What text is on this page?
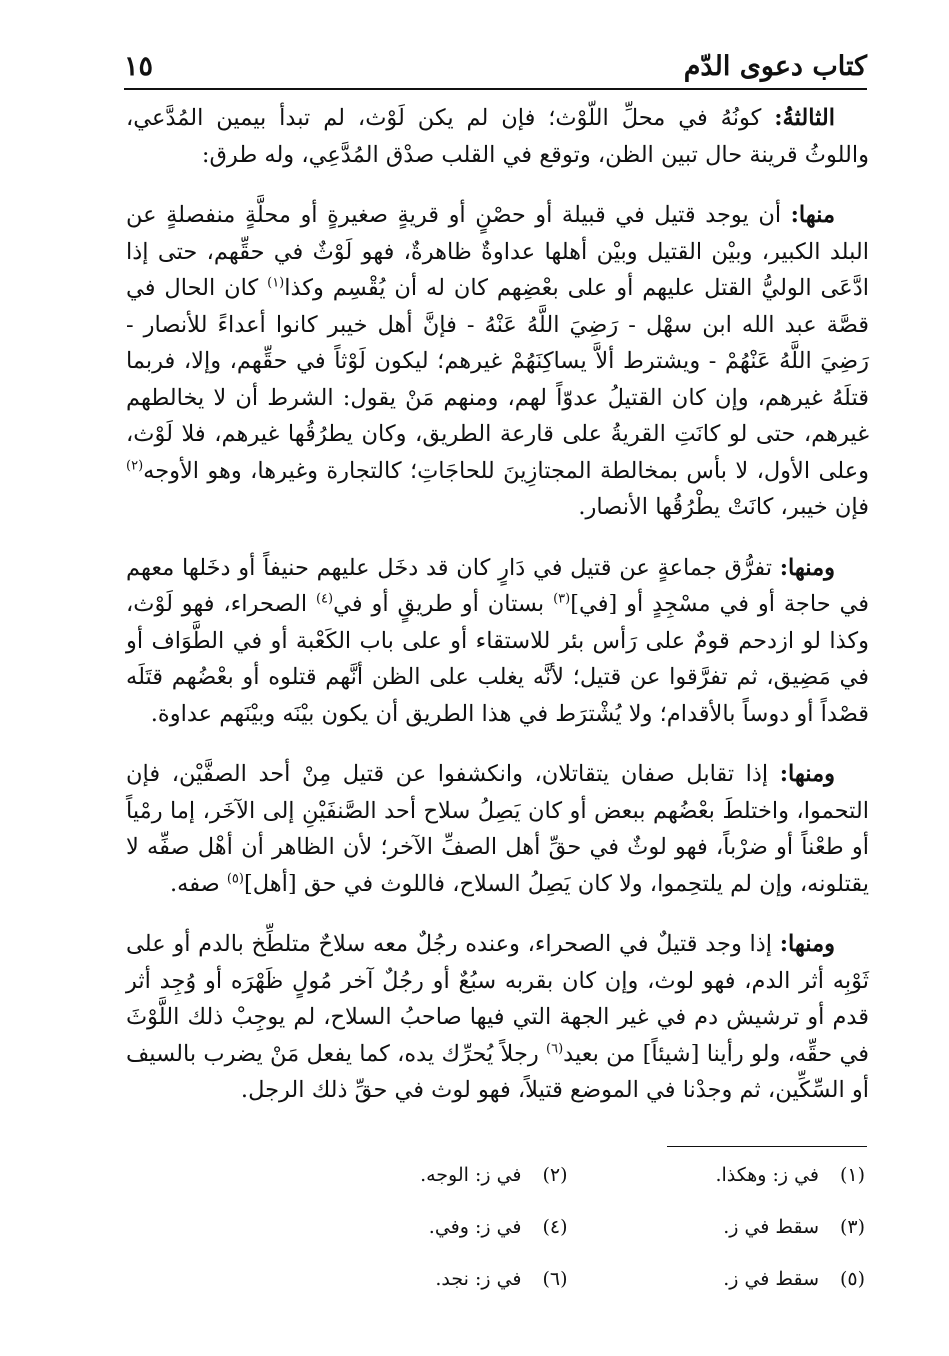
كتاب دعوى الدّم
١٥

الثالثةُ: كونُهُ في محلِّ اللّوْث؛ فإن لم يكن لَوْث، لم تبدأ بيمين المُدَّعي، واللوثُ قرينة حال تبين الظن، وتوقع في القلب صدْق المُدَّعِي، وله طرق:

منها: أن يوجد قتيل في قبيلة أو حصْنٍ أو قريةٍ صغيرةٍ أو محلَّةٍ منفصلةٍ عن البلد الكبير، وبيْن القتيل وبيْن أهلها عداوةٌ ظاهرةٌ، فهو لَوْثٌ في حقِّهم، حتى إذا ادَّعَى الوليُّ القتل عليهم أو على بعْضِهم كان له أن يُقْسِم وكذا$^{(١)}$ كان الحال في قصَّة عبد الله ابن سهْل - رَضِيَ اللَّهُ عَنْهُ - فإنَّ أهل خيبر كانوا أعداءً للأنصار - رَضِيَ اللَّهُ عَنْهُمْ - ويشترط ألاَّ يساكِنَهُمْ غيرهم؛ ليكون لَوْثاً في حقِّهم، وإلا، فربما قتلَهُ غيرهم، وإن كان القتيلُ عدوّاً لهم، ومنهم مَنْ يقول: الشرط أن لا يخالطهم غيرهم، حتى لو كانَتِ القريةُ على قارعة الطريق، وكان يطرُقُها غيرهم، فلا لَوْث، وعلى الأول، لا بأس بمخالطة المجتازِينَ للحاجَاتِ؛ كالتجارة وغيرها، وهو الأوجه$^{(٢)}$ فإن خيبر، كانَتْ يطْرُقُها الأنصار.

ومنها: تفرُّق جماعةٍ عن قتيل في دَارٍ كان قد دخَل عليهم حنيفاً أو دخَلها معهم في حاجة أو في مسْجِدٍ أو [في]$^{(٣)}$ بستان أو طريقٍ أو في$^{(٤)}$ الصحراء، فهو لَوْث، وكذا لو ازدحم قومٌ على رَأس بئر للاستقاء أو على باب الكَعْبة أو في الطَّوَاف أو في مَضِيق، ثم تفرَّقوا عن قتيل؛ لأنَّه يغلب على الظن أنَّهم قتلوه أو بعْضُهم قتَلَه قصْداً أو دوساً بالأقدام؛ ولا يُشْترَط في هذا الطريق أن يكون بيْنَه وبيْنَهم عداوة.

ومنها: إذا تقابل صفان يتقاتلان، وانكشفوا عن قتيل مِنْ أحد الصفَّيْن، فإن التحموا، واختلطَ بعْضُهم ببعض أو كان يَصِلُ سلاح أحد الصَّنفَيْنِ إلى الآخَر، إما رمْياً أو طعْناً أو ضرْباً، فهو لوثٌ في حقِّ أهل الصفِّ الآخر؛ لأن الظاهر أن أهْل صفِّه لا يقتلونه، وإن لم يلتحِموا، ولا كان يَصِلُ السلاح، فاللوث في حق [أهل]$^{(٥)}$ صفه.

ومنها: إذا وجد قتيلٌ في الصحراء، وعنده رجُلٌ معه سلاحٌ متلطِّخ بالدم أو على ثَوْبِه أثر الدم، فهو لوث، وإن كان بقربه سبُعٌ أو رجُلٌ آخر مُولٍ ظَهْرَه أو وُجِد أثر قدم أو ترشيش دم في غير الجهة التي فيها صاحبُ السلاح، لم يوجِبْ ذلك اللَّوْثَ في حقِّه، ولو رأينا [شيئاً] من بعيد$^{(٦)}$ رجلاً يُحرِّك يده، كما يفعل مَنْ يضرب بالسيف أو السِّكِّين، ثم وجدْنا في الموضع قتيلاً، فهو لوث في حقِّ ذلك الرجل.

(١)
في ز: وهكذا.
(٢)
في ز: الوجه.
(٣)
سقط في ز.
(٤)
في ز: وفي.
(٥)
سقط في ز.
(٦)
في ز: نجد.
